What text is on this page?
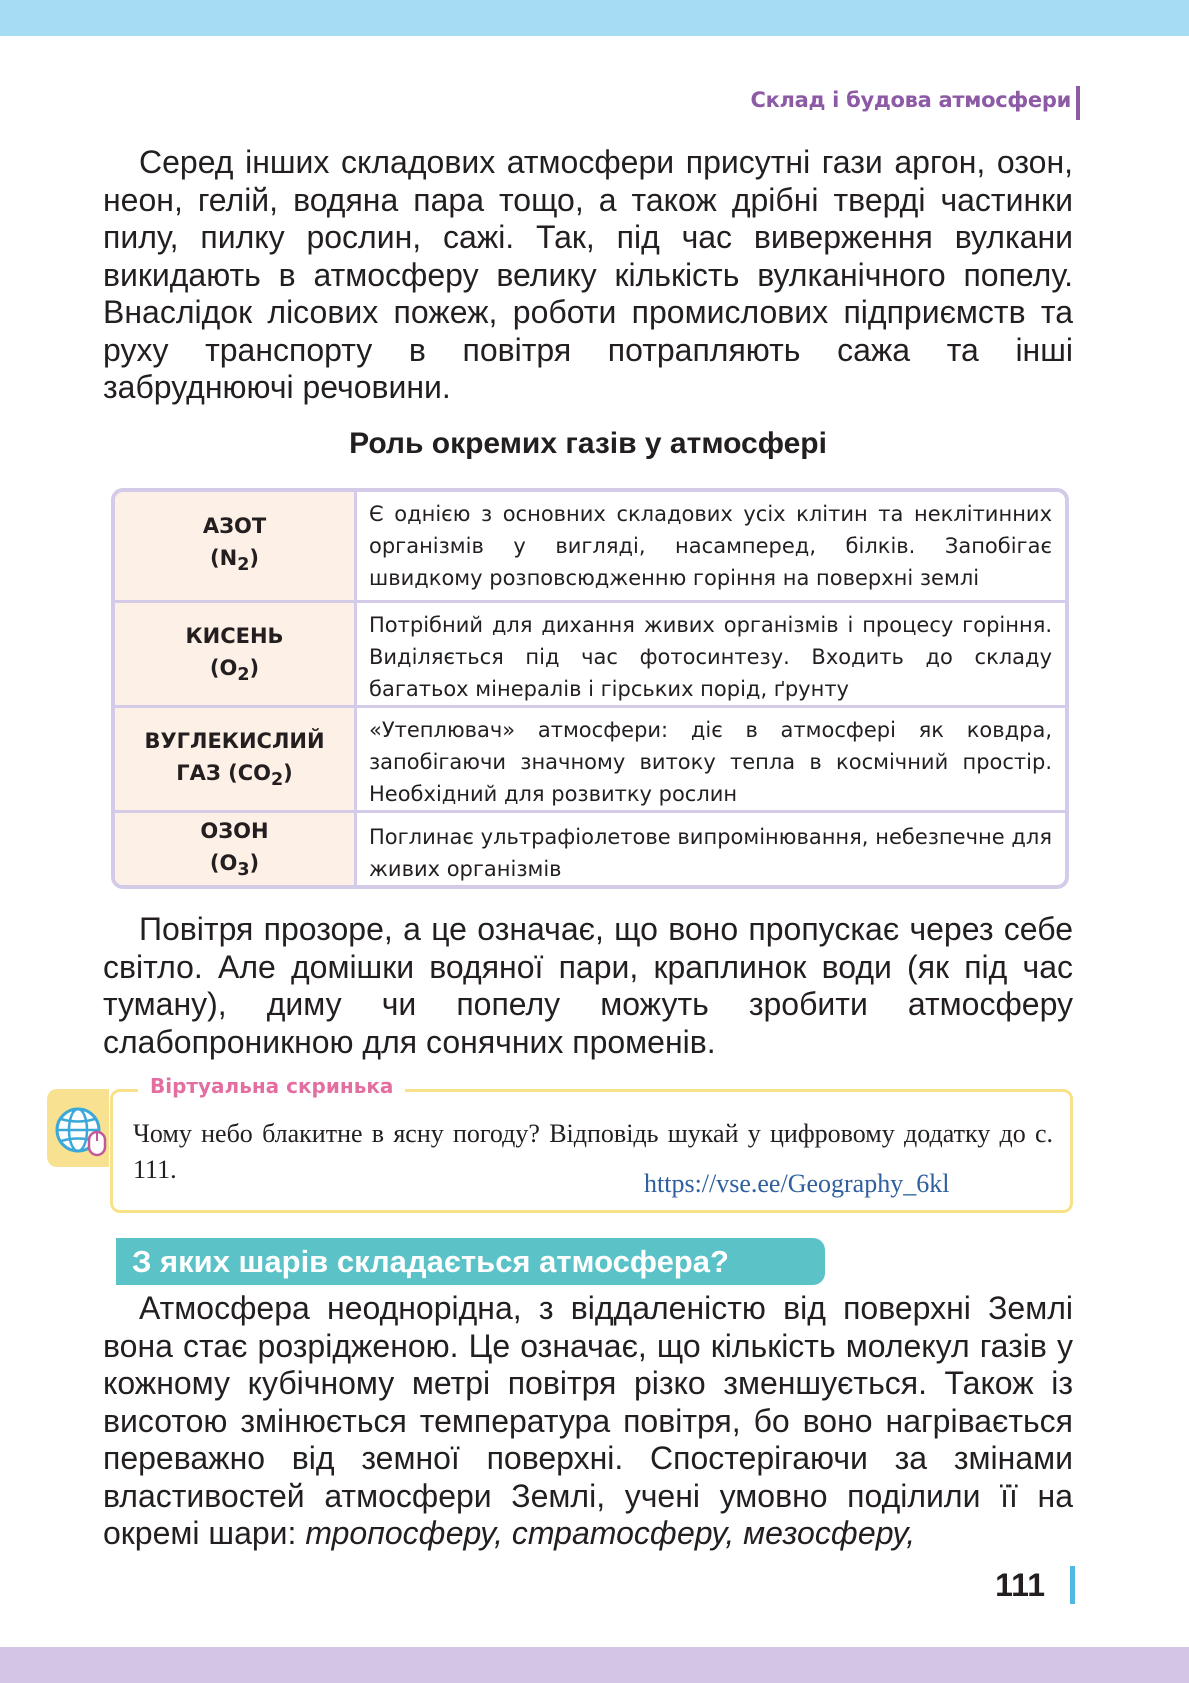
Склад і будова атмосфери

Серед інших складових атмосфери присутні гази аргон, озон, неон, гелій, водяна пара тощо, а також дрібні тверді частинки пилу, пилку рослин, сажі. Так, під час виверження вулкани викидають в атмосферу велику кількість вулканічного попелу. Внаслідок лісових пожеж, роботи промислових підприємств та руху транспорту в повітря потрапляють сажа та інші забруднюючі речовини.

Роль окремих газів у атмосфері
АЗОТ
$(N_2)$
Є однією з основних складових усіх клітин та неклітинних організмів у вигляді, насамперед, білків. Запобігає швидкому розповсюдженню горіння на поверхні землі
КИСЕНЬ
$(O_2)$
Потрібний для дихання живих організмів і процесу горіння. Виділяється під час фотосинтезу. Входить до складу багатьох мінералів і гірських порід, ґрунту
ВУГЛЕКИСЛИЙ
ГАЗ $(CO_2)$
«Утеплювач» атмосфери: діє в атмосфері як ковдра, запобігаючи значному витоку тепла в космічний простір. Необхідний для розвитку рослин
ОЗОН
$(O_3)$
Поглинає ультрафіолетове випромінювання, небезпечне для живих організмів

Повітря прозоре, а це означає, що воно пропускає через себе світло. Але домішки водяної пари, краплинок води (як під час туману), диму чи попелу можуть зробити атмосферу слабопроникною для сонячних променів.

Віртуальна скринька
Чому небо блакитне в ясну погоду? Відповідь шукай у цифровому додатку до с. 111.	https://vse.ee/Geography_6kl
З яких шарів складається атмосфера?

Атмосфера неоднорідна, з віддаленістю від поверхні Землі вона стає розрідженою. Це означає, що кількість молекул газів у кожному кубічному метрі повітря різко зменшується. Також із висотою змінюється температура повітря, бо воно нагрівається переважно від земної поверхні. Спостерігаючи за змінами властивостей атмосфери Землі, учені умовно поділили її на окремі шари: тропосферу, стратосферу, мезосферу,

111
